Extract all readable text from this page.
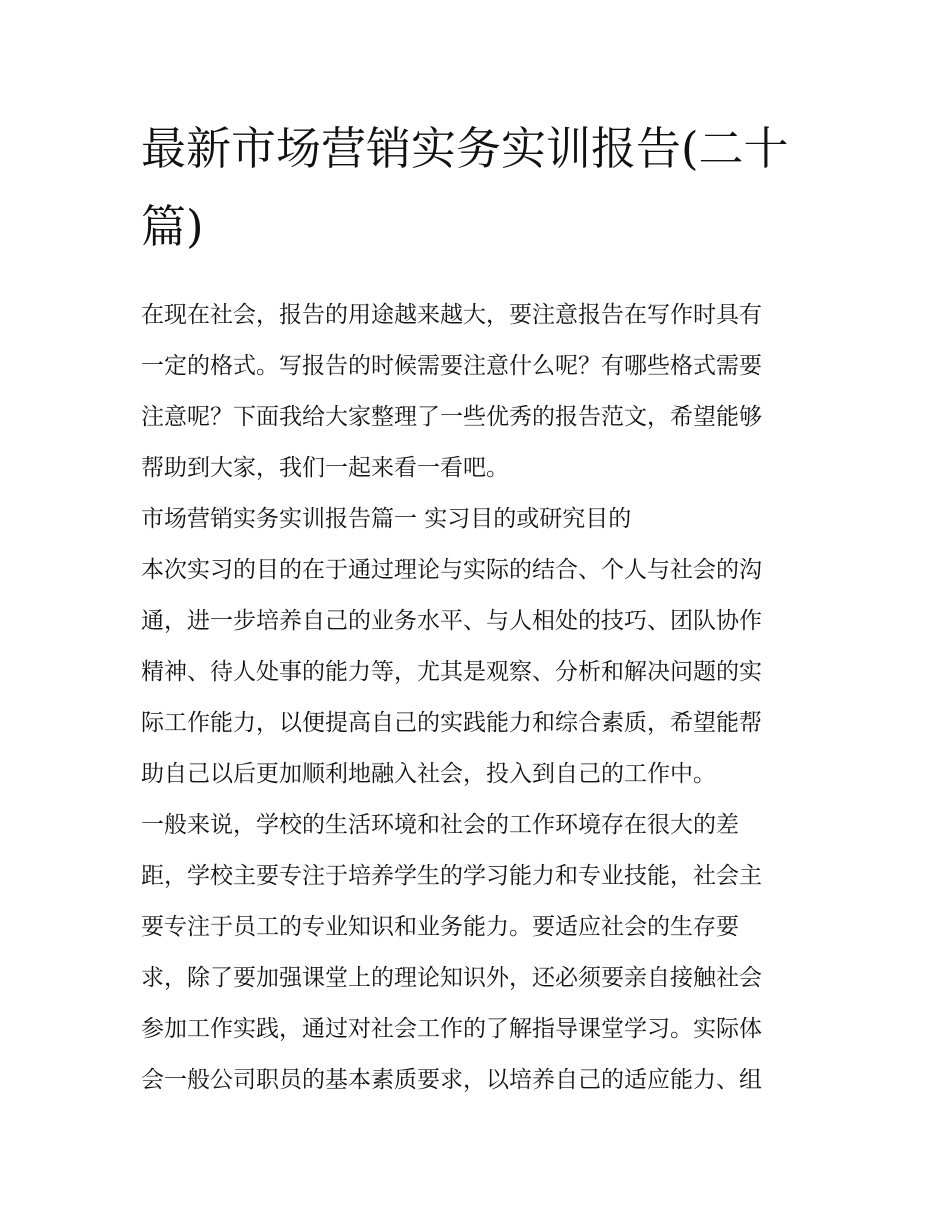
最新市场营销实务实训报告(二十篇)

在现在社会，报告的用途越来越大，要注意报告在写作时具有

一定的格式。写报告的时候需要注意什么呢？有哪些格式需要

注意呢？下面我给大家整理了一些优秀的报告范文，希望能够

帮助到大家，我们一起来看一看吧。

市场营销实务实训报告篇一 实习目的或研究目的

本次实习的目的在于通过理论与实际的结合、个人与社会的沟

通，进一步培养自己的业务水平、与人相处的技巧、团队协作

精神、待人处事的能力等，尤其是观察、分析和解决问题的实

际工作能力，以便提高自己的实践能力和综合素质，希望能帮

助自己以后更加顺利地融入社会，投入到自己的工作中。

一般来说，学校的生活环境和社会的工作环境存在很大的差

距，学校主要专注于培养学生的学习能力和专业技能，社会主

要专注于员工的专业知识和业务能力。要适应社会的生存要

求，除了要加强课堂上的理论知识外，还必须要亲自接触社会

参加工作实践，通过对社会工作的了解指导课堂学习。实际体

会一般公司职员的基本素质要求，以培养自己的适应能力、组
